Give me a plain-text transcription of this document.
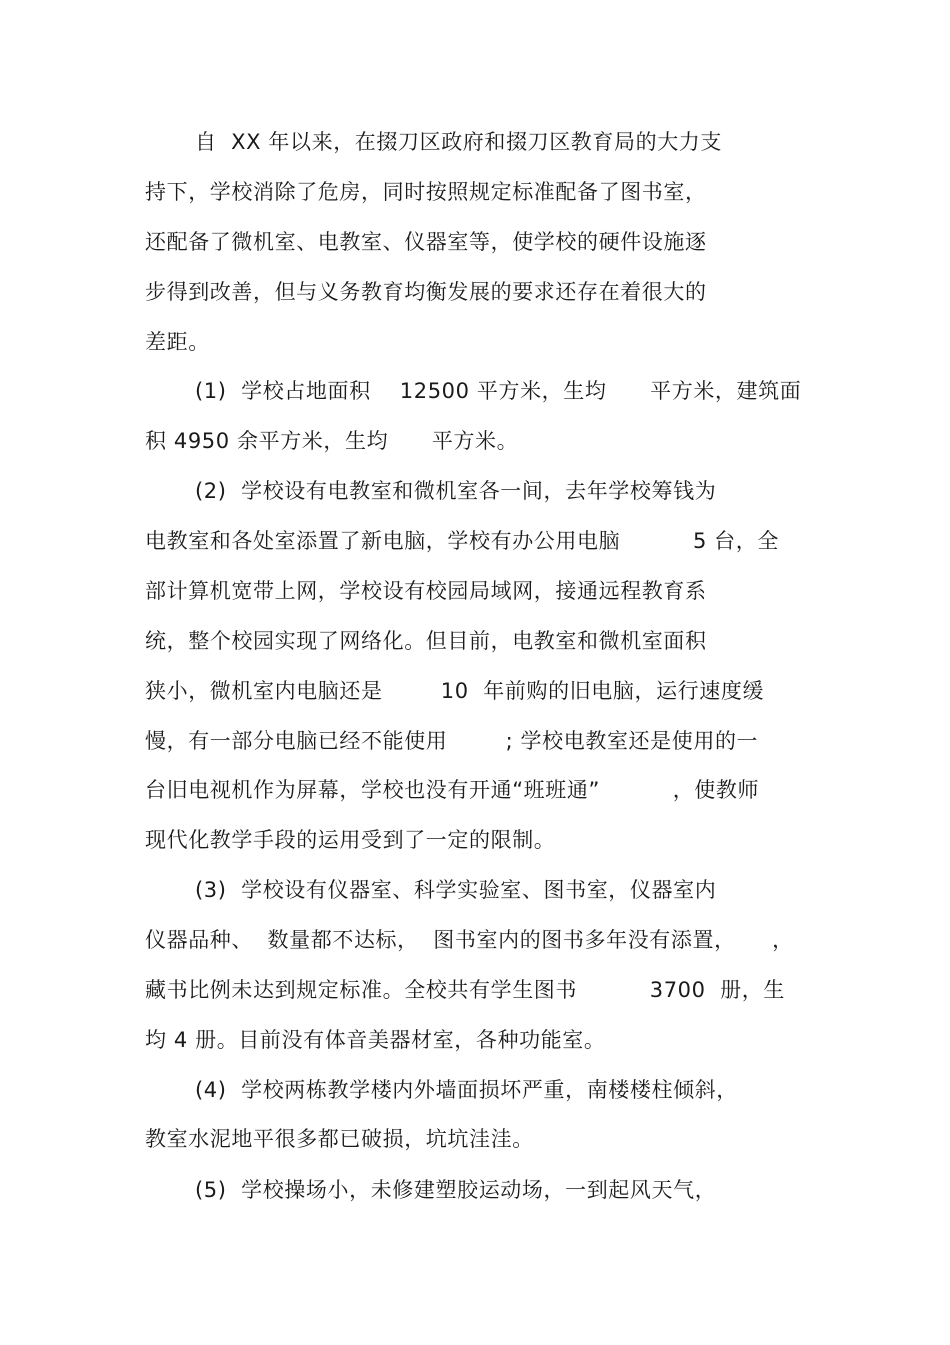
自  XX 年以来，在掇刀区政府和掇刀区教育局的大力支
持下，学校消除了危房，同时按照规定标准配备了图书室，
还配备了微机室、电教室、仪器室等，使学校的硬件设施逐
步得到改善，但与义务教育均衡发展的要求还存在着很大的
差距。
(1)  学校占地面积    12500 平方米，生均      平方米，建筑面
积 4950 余平方米，生均      平方米。
(2)  学校设有电教室和微机室各一间，去年学校筹钱为
电教室和各处室添置了新电脑，学校有办公用电脑          5 台，全
部计算机宽带上网，学校设有校园局域网，接通远程教育系
统，整个校园实现了网络化。但目前，电教室和微机室面积
狭小，微机室内电脑还是        10  年前购的旧电脑，运行速度缓
慢，有一部分电脑已经不能使用        ; 学校电教室还是使用的一
台旧电视机作为屏幕，学校也没有开通“班班通”          ，使教师
现代化教学手段的运用受到了一定的限制。
(3)  学校设有仪器室、科学实验室、图书室，仪器室内
仪器品种、  数量都不达标，  图书室内的图书多年没有添置，     ，
藏书比例未达到规定标准。全校共有学生图书          3700  册，生
均 4 册。目前没有体音美器材室，各种功能室。
(4)  学校两栋教学楼内外墙面损坏严重，南楼楼柱倾斜，
教室水泥地平很多都已破损，坑坑洼洼。
(5)  学校操场小，未修建塑胶运动场，一到起风天气，
